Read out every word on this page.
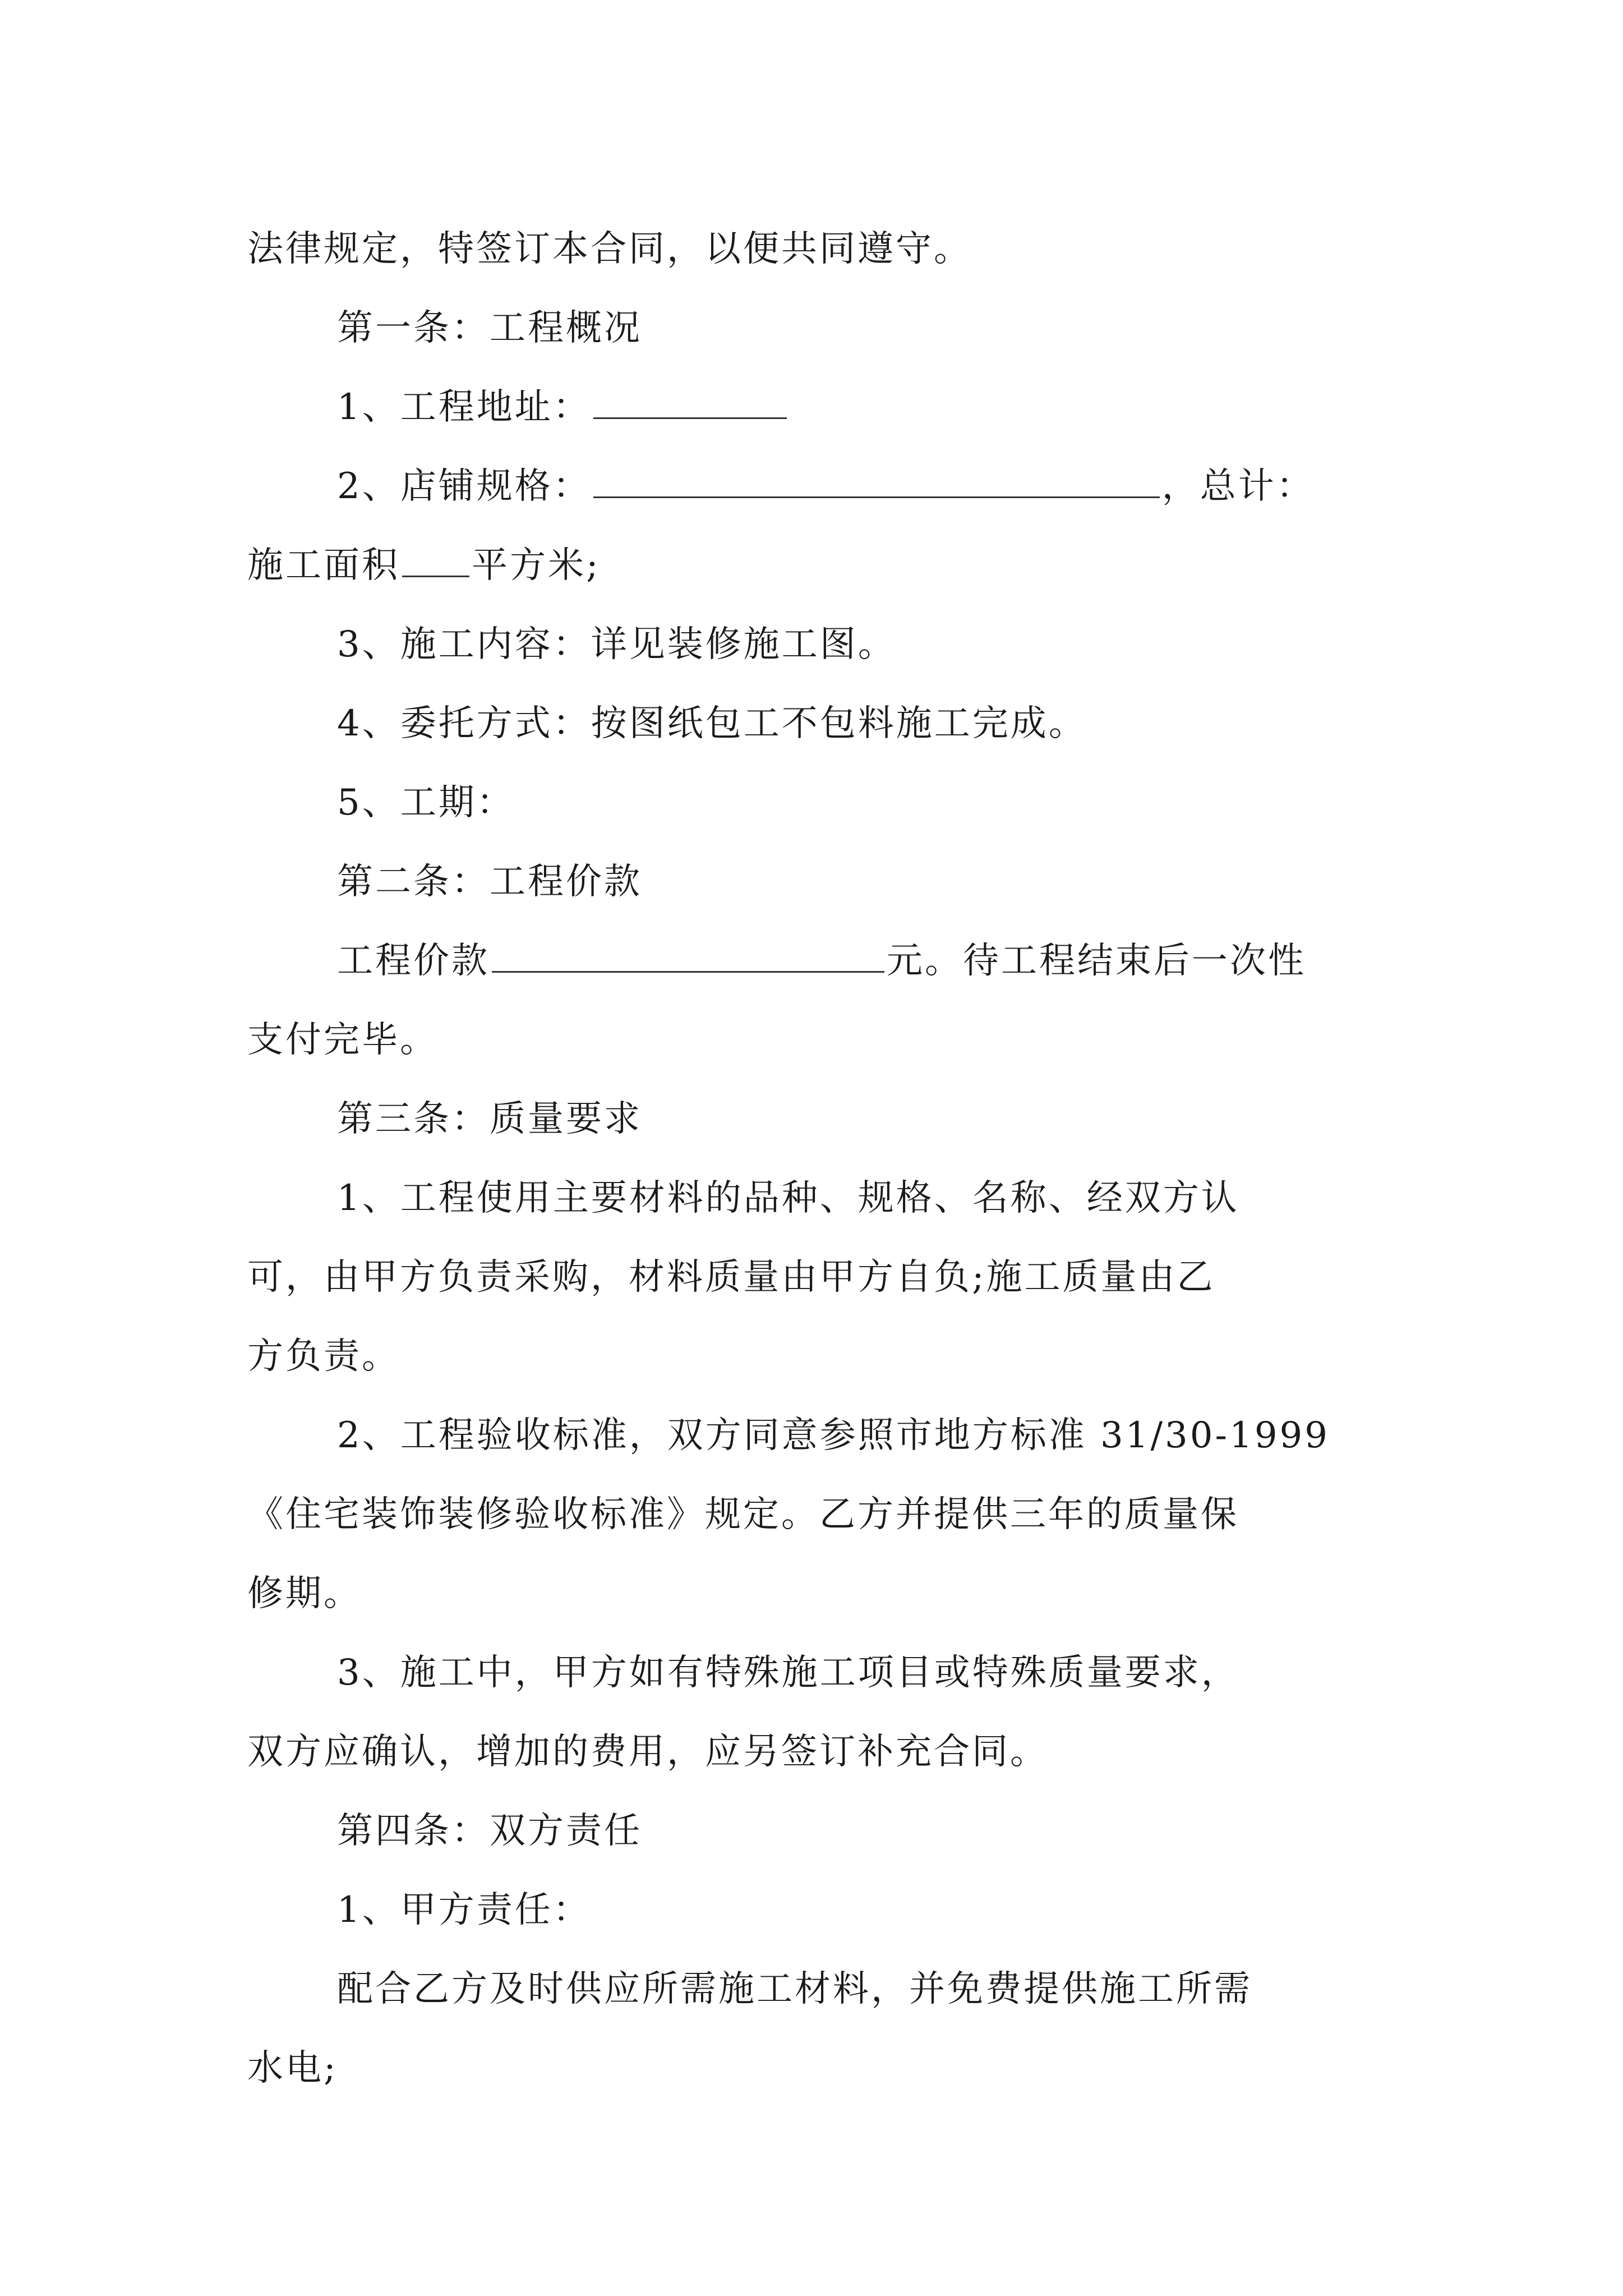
法律规定，特签订本合同，以便共同遵守。
第一条：工程概况
1、工程地址：
2、店铺规格：	，总计：
施工面积 平方米;
3、施工内容：详见装修施工图。
4、委托方式：按图纸包工不包料施工完成。
5、工期：
第二条：工程价款
工程价款	元。待工程结束后一次性
支付完毕。
第三条：质量要求
1、工程使用主要材料的品种、规格、名称、经双方认
可，由甲方负责采购，材料质量由甲方自负;施工质量由乙
方负责。
2、工程验收标准，双方同意参照市地方标准 31/30-1999
《住宅装饰装修验收标准》规定。乙方并提供三年的质量保
修期。
3、施工中，甲方如有特殊施工项目或特殊质量要求，
双方应确认，增加的费用，应另签订补充合同。
第四条：双方责任
1、甲方责任：
配合乙方及时供应所需施工材料，并免费提供施工所需
水电;
